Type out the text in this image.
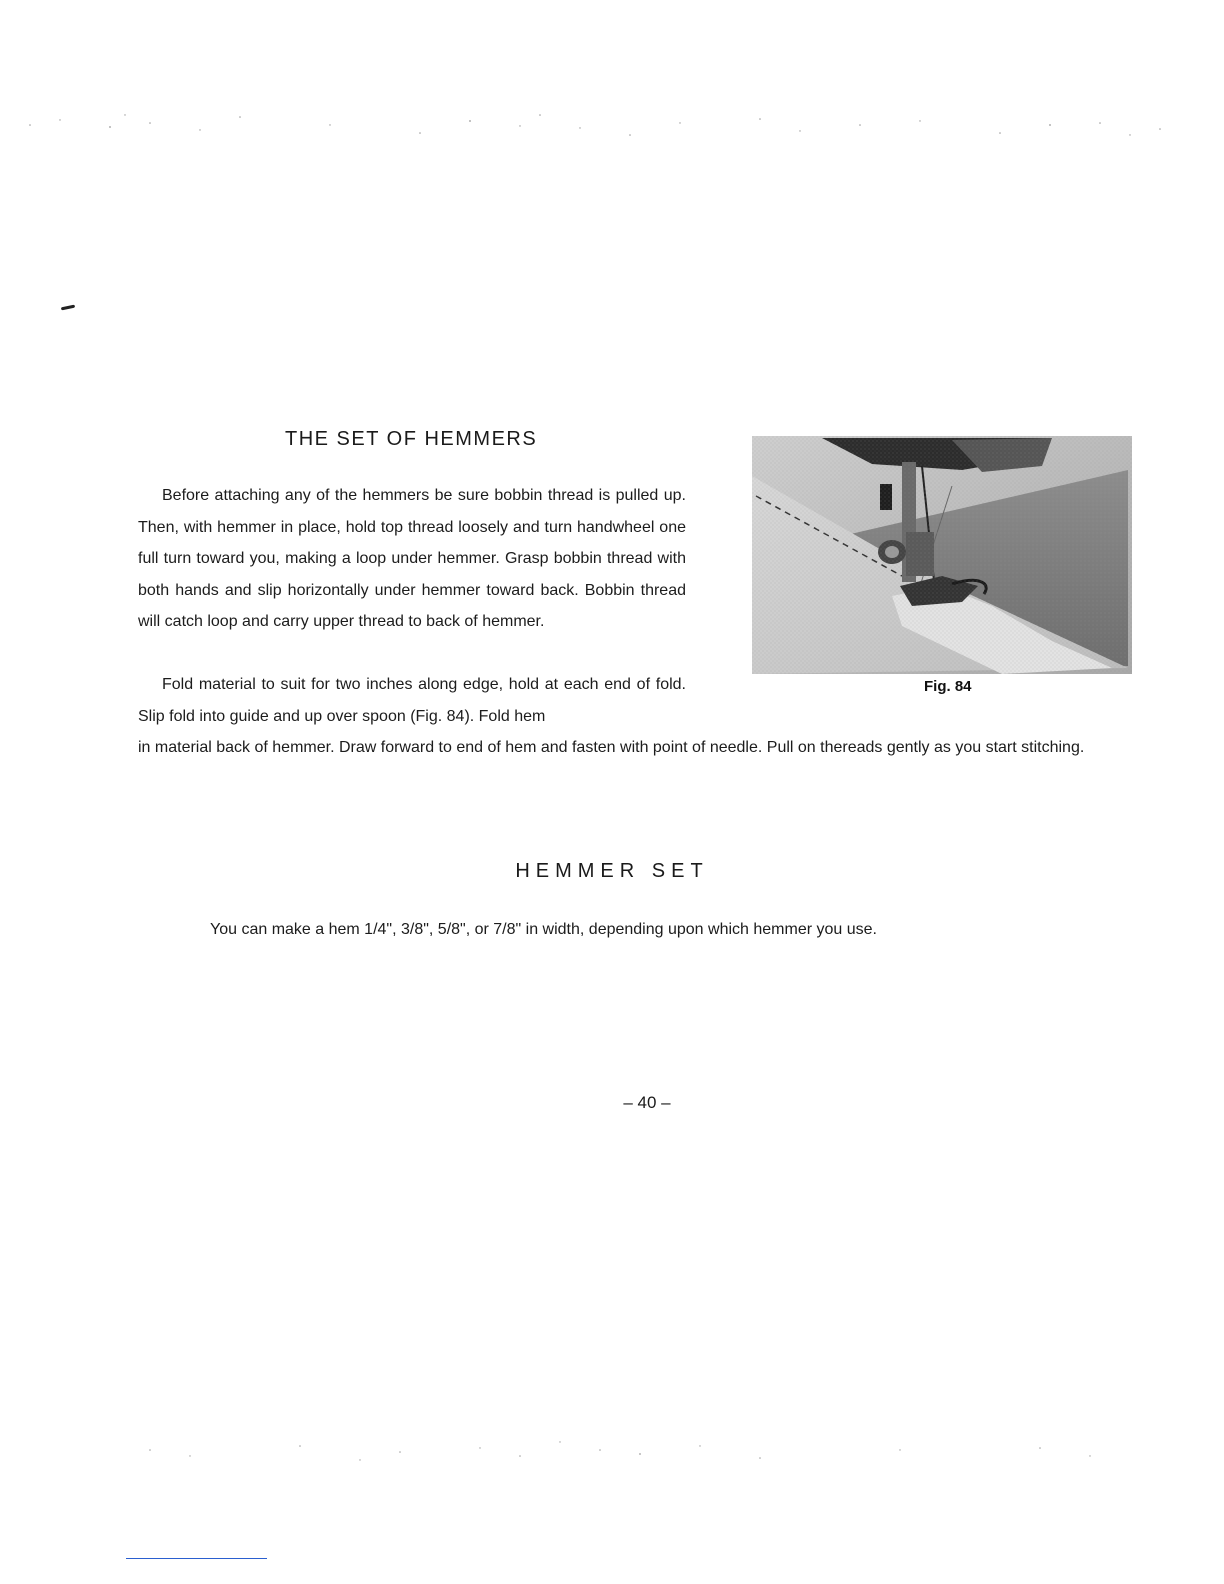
THE SET OF HEMMERS

Before attaching any of the hemmers be sure bobbin thread is pulled up. Then, with hemmer in place, hold top thread loosely and turn handwheel one full turn toward you, making a loop under hemmer. Grasp bobbin thread with both hands and slip horizontally under hemmer toward back. Bobbin thread will catch loop and carry upper thread to back of hemmer.

Fold material to suit for two inches along edge, hold at each end of fold. Slip fold into guide and up over spoon (Fig. 84). Fold hem

in material back of hemmer. Draw forward to end of hem and fasten with point of needle. Pull on thereads gently as you start stitching.

Fig. 84
HEMMER SET

You can make a hem 1/4", 3/8", 5/8", or 7/8" in width, depending upon which hemmer you use.

– 40 –
